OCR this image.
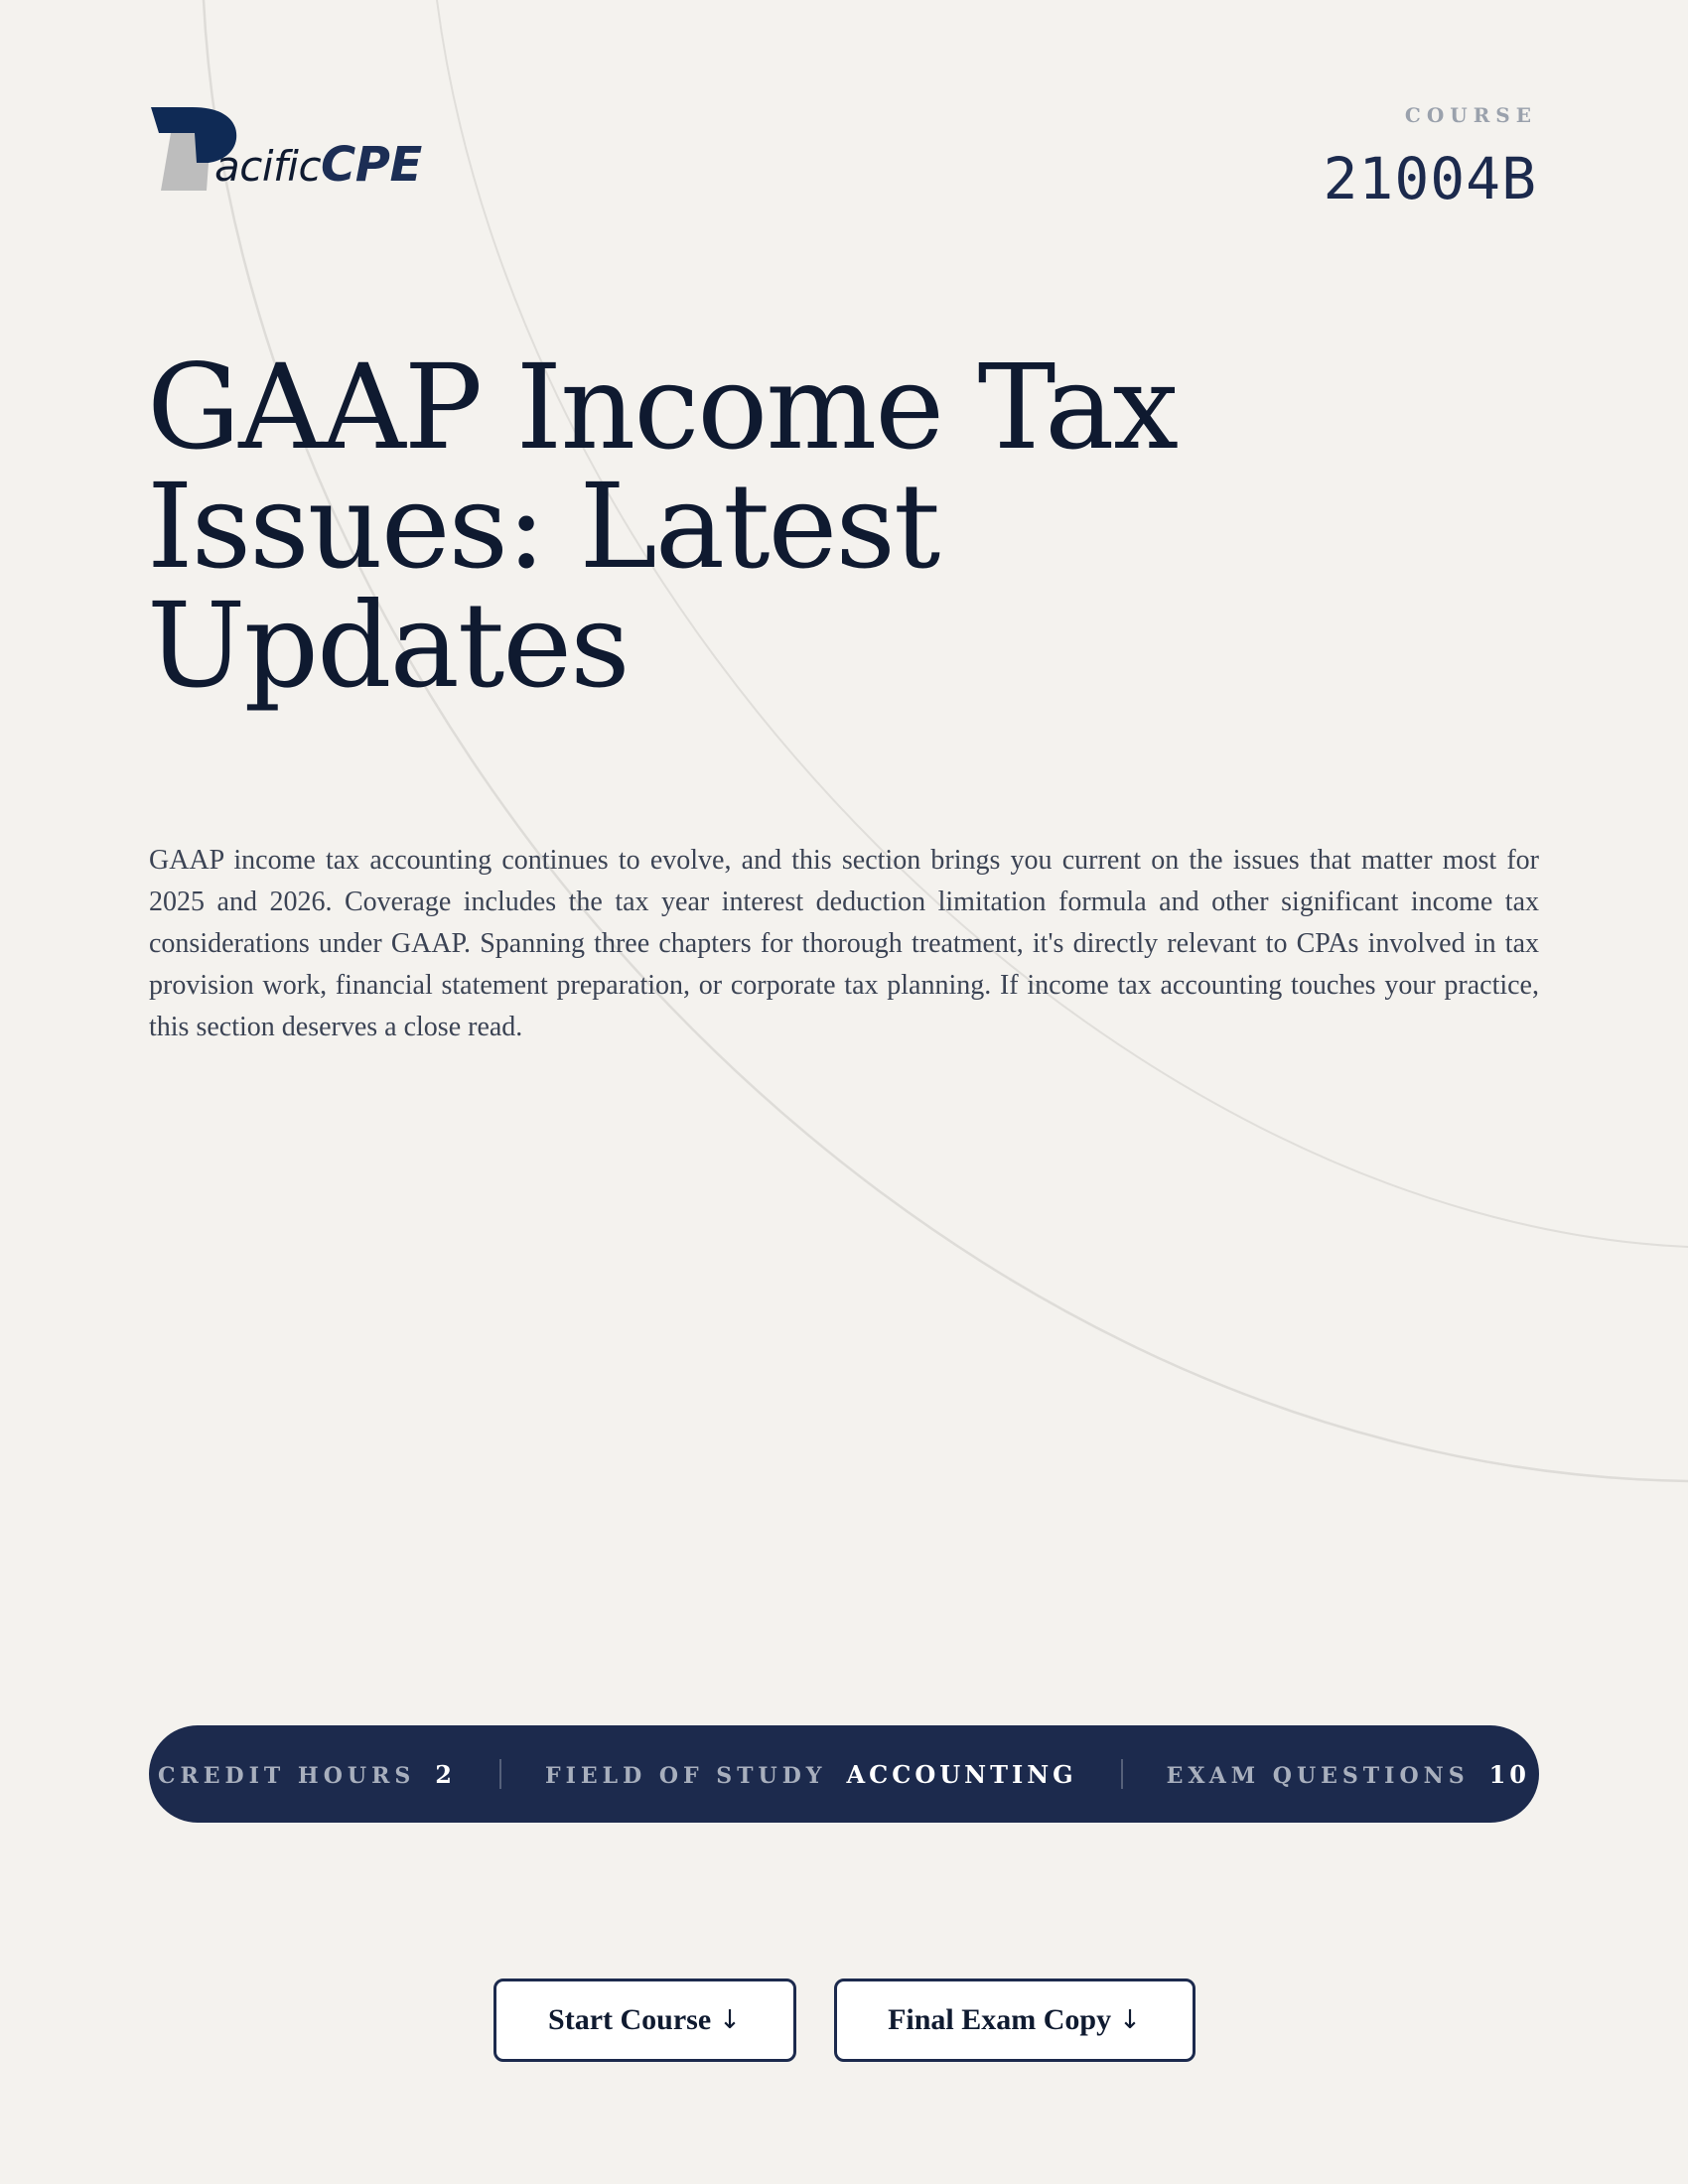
acificCPE
COURSE
21004B
GAAP Income Tax Issues: Latest Updates

GAAP income tax accounting continues to evolve, and this section brings you current on the issues that matter most for 2025 and 2026. Coverage includes the tax year interest deduction limitation formula and other significant income tax considerations under GAAP. Spanning three chapters for thorough treatment, it's directly relevant to CPAs involved in tax provision work, financial statement preparation, or corporate tax planning. If income tax accounting touches your practice, this section deserves a close read.

CREDIT HOURS 2	FIELD OF STUDY ACCOUNTING	EXAM QUESTIONS 10
Start Course ↓	Final Exam Copy ↓
